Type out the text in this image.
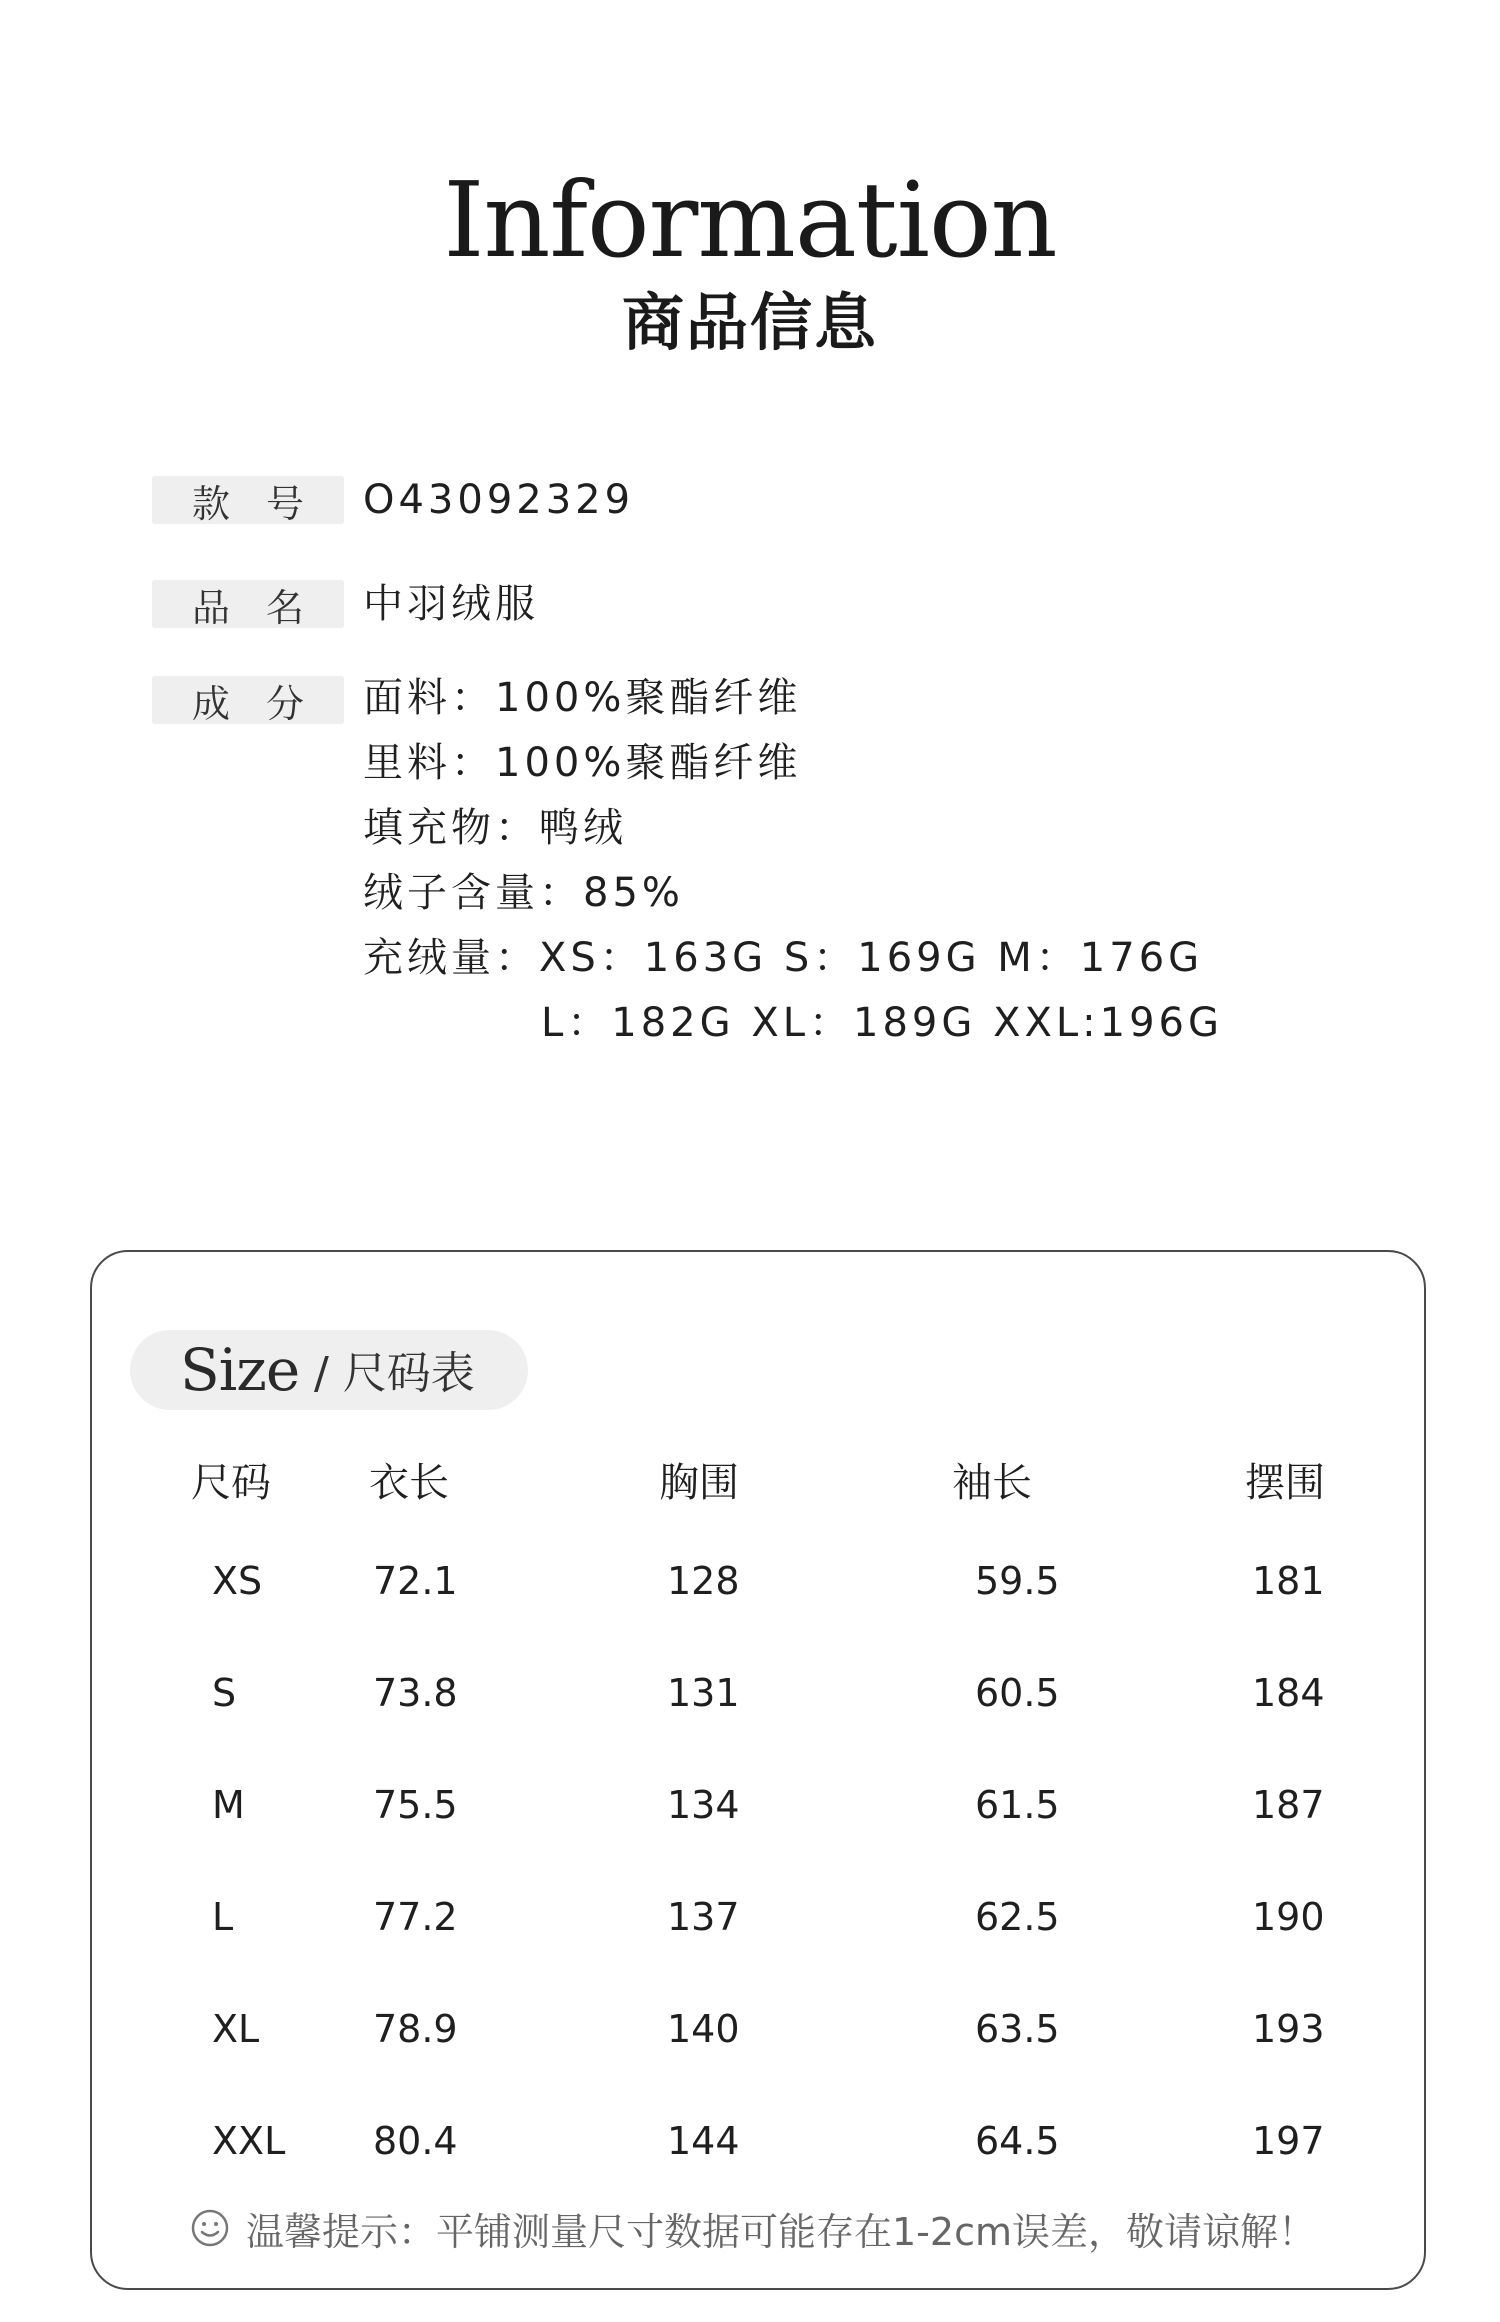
Information
商品信息
款 号 O43092329
品 名 中羽绒服
成 分 面料：100%聚酯纤维
里料：100%聚酯纤维
填充物：鸭绒
绒子含量：85%
充绒量：XS：163G S：169G M：176G
L：182G XL：189G XXL:196G
Size / 尺码表
尺码 衣长	胸围	袖长	摆围
XS	72.1	128	59.5	181
S	73.8	131	60.5	184
M	75.5	134	61.5	187
L	77.2	137	62.5	190
XL	78.9	140	63.5	193
XXL 80.4	144	64.5	197
温馨提示：平铺测量尺寸数据可能存在1-2cm误差，敬请谅解！
